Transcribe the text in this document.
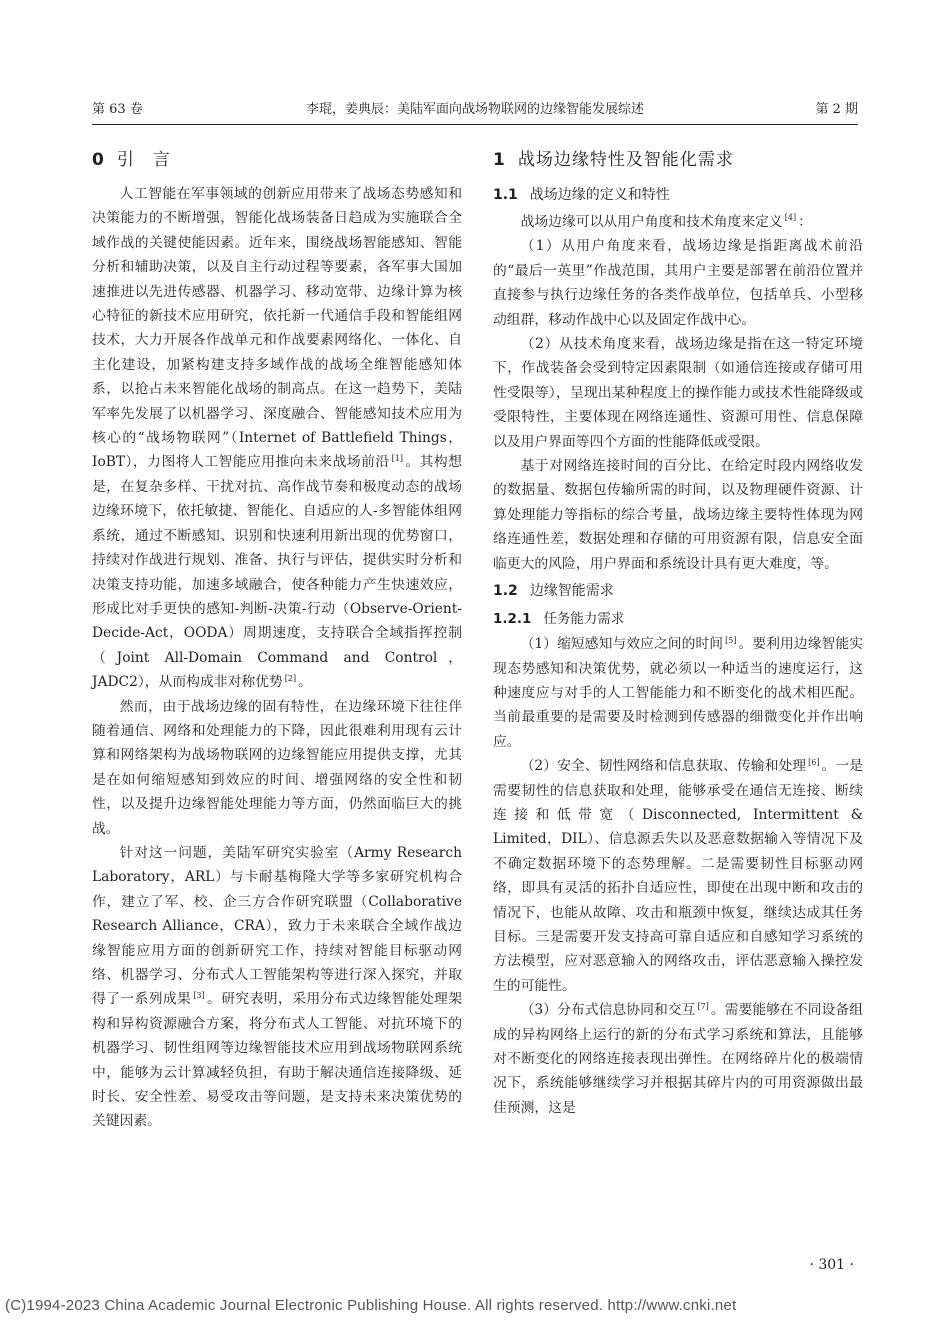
第 63 卷	李琨，姜典辰：美陆军面向战场物联网的边缘智能发展综述	第 2 期
0 引　言

人工智能在军事领域的创新应用带来了战场态势感知和决策能力的不断增强，智能化战场装备日趋成为实施联合全域作战的关键使能因素。近年来，围绕战场智能感知、智能分析和辅助决策，以及自主行动过程等要素，各军事大国加速推进以先进传感器、机器学习、移动宽带、边缘计算为核心特征的新技术应用研究，依托新一代通信手段和智能组网技术，大力开展各作战单元和作战要素网络化、一体化、自主化建设，加紧构建支持多域作战的战场全维智能感知体系，以抢占未来智能化战场的制高点。在这一趋势下，美陆军率先发展了以机器学习、深度融合、智能感知技术应用为核心的“战场物联网”（Internet of Battlefield Things，IoBT），力图将人工智能应用推向未来战场前沿 [1] 。其构想是，在复杂多样、干扰对抗、高作战节奏和极度动态的战场边缘环境下，依托敏捷、智能化、自适应的人-多智能体组网系统，通过不断感知、识别和快速利用新出现的优势窗口，持续对作战进行规划、准备、执行与评估，提供实时分析和决策支持功能，加速多域融合，使各种能力产生快速效应，形成比对手更快的感知-判断-决策-行动（Observe-Orient-Decide-Act，OODA）周期速度，支持联合全域指挥控制（Joint All-Domain Command and Control，JADC2），从而构成非对称优势 [2] 。

然而，由于战场边缘的固有特性，在边缘环境下往往伴随着通信、网络和处理能力的下降，因此很难利用现有云计算和网络架构为战场物联网的边缘智能应用提供支撑，尤其是在如何缩短感知到效应的时间、增强网络的安全性和韧性，以及提升边缘智能处理能力等方面，仍然面临巨大的挑战。

针对这一问题，美陆军研究实验室（Army Research Laboratory，ARL）与卡耐基梅隆大学等多家研究机构合作，建立了军、校、企三方合作研究联盟（Collaborative Research Alliance，CRA），致力于未来联合全域作战边缘智能应用方面的创新研究工作，持续对智能目标驱动网络、机器学习、分布式人工智能架构等进行深入探究，并取得了一系列成果 [3] 。研究表明，采用分布式边缘智能处理架构和异构资源融合方案，将分布式人工智能、对抗环境下的机器学习、韧性组网等边缘智能技术应用到战场物联网系统中，能够为云计算减轻负担，有助于解决通信连接降级、延时长、安全性差、易受攻击等问题，是支持未来决策优势的关键因素。

1 战场边缘特性及智能化需求
1.1 战场边缘的定义和特性

战场边缘可以从用户角度和技术角度来定义 [4] ：

（1）从用户角度来看，战场边缘是指距离战术前沿的“最后一英里”作战范围，其用户主要是部署在前沿位置并直接参与执行边缘任务的各类作战单位，包括单兵、小型移动组群，移动作战中心以及固定作战中心。

（2）从技术角度来看，战场边缘是指在这一特定环境下，作战装备会受到特定因素限制（如通信连接或存储可用性受限等），呈现出某种程度上的操作能力或技术性能降级或受限特性，主要体现在网络连通性、资源可用性、信息保障以及用户界面等四个方面的性能降低或受限。

基于对网络连接时间的百分比、在给定时段内网络收发的数据量、数据包传输所需的时间，以及物理硬件资源、计算处理能力等指标的综合考量，战场边缘主要特性体现为网络连通性差，数据处理和存储的可用资源有限，信息安全面临更大的风险，用户界面和系统设计具有更大难度，等。

1.2 边缘智能需求
1.2.1 任务能力需求

（1）缩短感知与效应之间的时间 [5] 。要利用边缘智能实现态势感知和决策优势，就必须以一种适当的速度运行，这种速度应与对手的人工智能能力和不断变化的战术相匹配。当前最重要的是需要及时检测到传感器的细微变化并作出响应。

（2）安全、韧性网络和信息获取、传输和处理 [6] 。一是需要韧性的信息获取和处理，能够承受在通信无连接、断续连接和低带宽（Disconnected, Intermittent & Limited，DIL）、信息源丢失以及恶意数据输入等情况下及不确定数据环境下的态势理解。二是需要韧性目标驱动网络，即具有灵活的拓扑自适应性，即使在出现中断和攻击的情况下，也能从故障、攻击和瓶颈中恢复，继续达成其任务目标。三是需要开发支持高可靠自适应和自感知学习系统的方法模型，应对恶意输入的网络攻击，评估恶意输入操控发生的可能性。

（3）分布式信息协同和交互 [7] 。需要能够在不同设备组成的异构网络上运行的新的分布式学习系统和算法，且能够对不断变化的网络连接表现出弹性。在网络碎片化的极端情况下，系统能够继续学习并根据其碎片内的可用资源做出最佳预测，这是

· 301 ·
(C)1994-2023 China Academic Journal Electronic Publishing House. All rights reserved. http://www.cnki.net
